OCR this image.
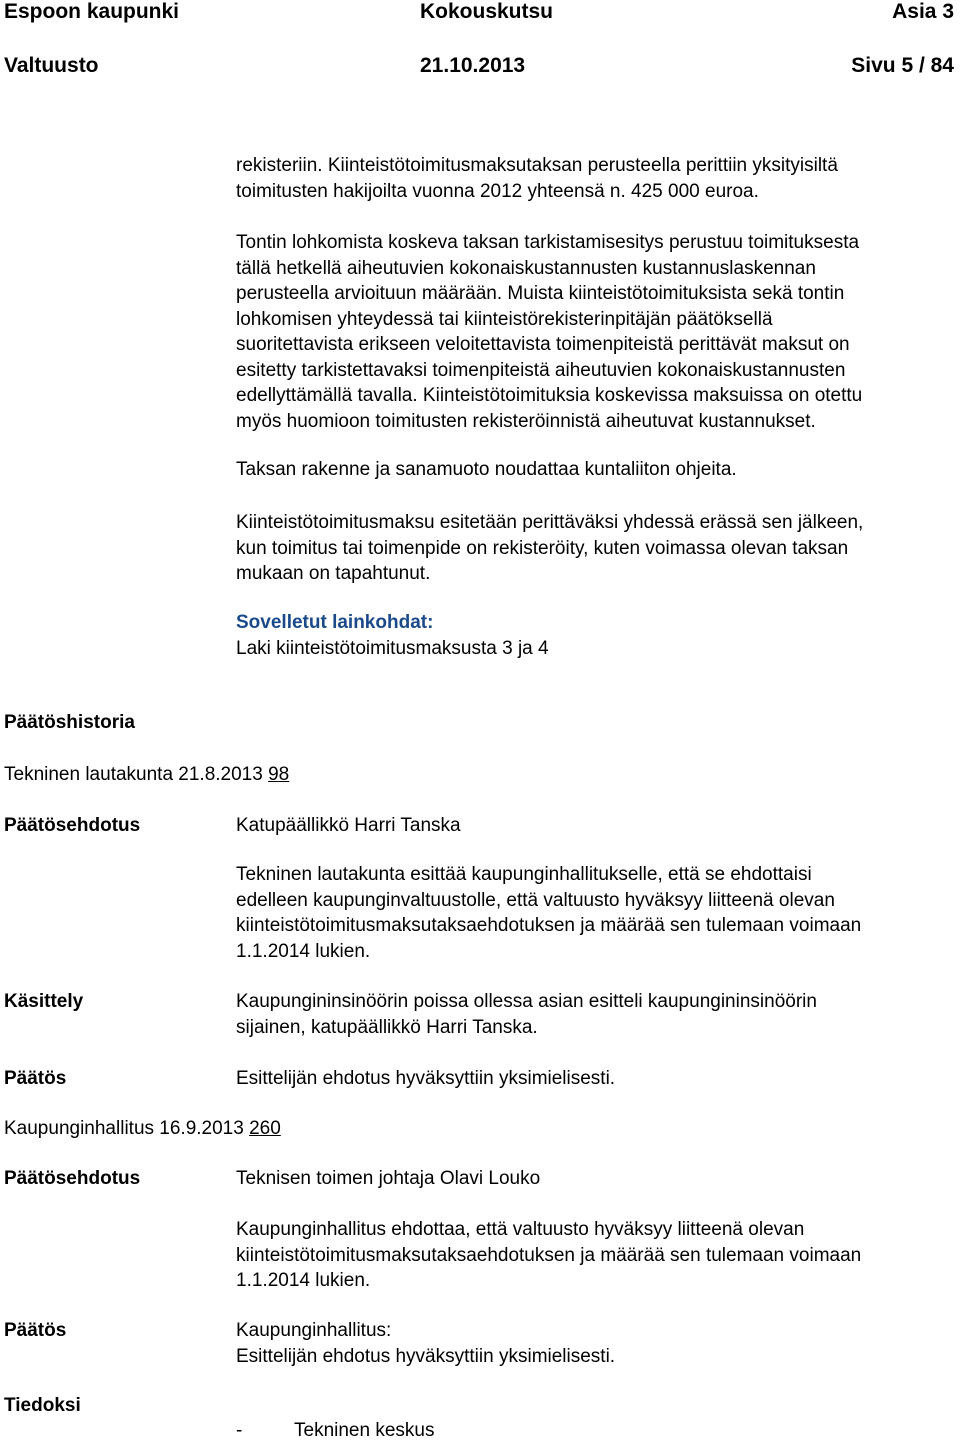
Espoon kaupunki	Kokouskutsu	Asia 3
Valtuusto	21.10.2013	Sivu 5 / 84
rekisteriin. Kiinteistötoimitusmaksutaksan perusteella perittiin yksityisiltä
toimitusten hakijoilta vuonna 2012 yhteensä n. 425 000 euroa.
Tontin lohkomista koskeva taksan tarkistamisesitys perustuu toimituksesta
tällä hetkellä aiheutuvien kokonaiskustannusten kustannuslaskennan
perusteella arvioituun määrään. Muista kiinteistötoimituksista sekä tontin
lohkomisen yhteydessä tai kiinteistörekisterinpitäjän päätöksellä
suoritettavista erikseen veloitettavista toimenpiteistä perittävät maksut on
esitetty tarkistettavaksi toimenpiteistä aiheutuvien kokonaiskustannusten
edellyttämällä tavalla. Kiinteistötoimituksia koskevissa maksuissa on otettu
myös huomioon toimitusten rekisteröinnistä aiheutuvat kustannukset.
Taksan rakenne ja sanamuoto noudattaa kuntaliiton ohjeita.
Kiinteistötoimitusmaksu esitetään perittäväksi yhdessä erässä sen jälkeen,
kun toimitus tai toimenpide on rekisteröity, kuten voimassa olevan taksan
mukaan on tapahtunut.
Sovelletut lainkohdat:
Laki kiinteistötoimitusmaksusta 3 ja 4
Päätöshistoria
Tekninen lautakunta 21.8.2013 98
Päätösehdotus	Katupäällikkö Harri Tanska
Tekninen lautakunta esittää kaupunginhallitukselle, että se ehdottaisi
edelleen kaupunginvaltuustolle, että valtuusto hyväksyy liitteenä olevan
kiinteistötoimitusmaksutaksaehdotuksen ja määrää sen tulemaan voimaan
1.1.2014 lukien.
Käsittely	Kaupungininsinöörin poissa ollessa asian esitteli kaupungininsinöörin
sijainen, katupäällikkö Harri Tanska.
Päätös	Esittelijän ehdotus hyväksyttiin yksimielisesti.
Kaupunginhallitus 16.9.2013 260
Päätösehdotus	Teknisen toimen johtaja Olavi Louko
Kaupunginhallitus ehdottaa, että valtuusto hyväksyy liitteenä olevan
kiinteistötoimitusmaksutaksaehdotuksen ja määrää sen tulemaan voimaan
1.1.2014 lukien.
Päätös	Kaupunginhallitus:
Esittelijän ehdotus hyväksyttiin yksimielisesti.
Tiedoksi
-	Tekninen keskus
